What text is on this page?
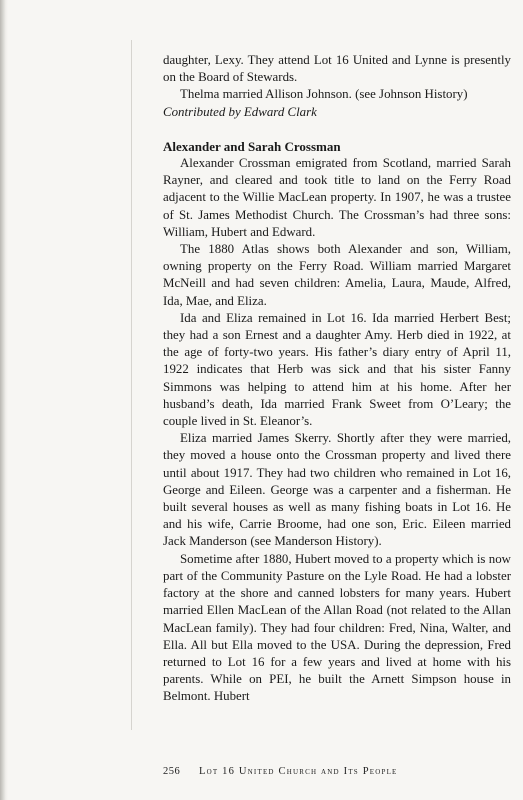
daughter, Lexy. They attend Lot 16 United and Lynne is presently on the Board of Stewards.

Thelma married Allison Johnson. (see Johnson History)

Contributed by Edward Clark

Alexander and Sarah Crossman

Alexander Crossman emigrated from Scotland, married Sarah Rayner, and cleared and took title to land on the Ferry Road adjacent to the Willie MacLean property. In 1907, he was a trustee of St. James Methodist Church. The Crossman’s had three sons: William, Hubert and Edward.

The 1880 Atlas shows both Alexander and son, William, owning property on the Ferry Road. William married Margaret McNeill and had seven children: Amelia, Laura, Maude, Alfred, Ida, Mae, and Eliza.

Ida and Eliza remained in Lot 16. Ida married Herbert Best; they had a son Ernest and a daughter Amy. Herb died in 1922, at the age of forty-two years. His father’s diary entry of April 11, 1922 indicates that Herb was sick and that his sister Fanny Simmons was helping to attend him at his home. After her husband’s death, Ida married Frank Sweet from O’Leary; the couple lived in St. Eleanor’s.

Eliza married James Skerry. Shortly after they were married, they moved a house onto the Crossman property and lived there until about 1917. They had two children who remained in Lot 16, George and Eileen. George was a carpenter and a fisherman. He built several houses as well as many fishing boats in Lot 16. He and his wife, Carrie Broome, had one son, Eric. Eileen married Jack Manderson (see Manderson History).

Sometime after 1880, Hubert moved to a property which is now part of the Community Pasture on the Lyle Road. He had a lobster factory at the shore and canned lobsters for many years. Hubert married Ellen MacLean of the Allan Road (not related to the Allan MacLean family). They had four children: Fred, Nina, Walter, and Ella. All but Ella moved to the USA. During the depression, Fred returned to Lot 16 for a few years and lived at home with his parents. While on PEI, he built the Arnett Simpson house in Belmont. Hubert

256 Lot 16 United Church and Its People
